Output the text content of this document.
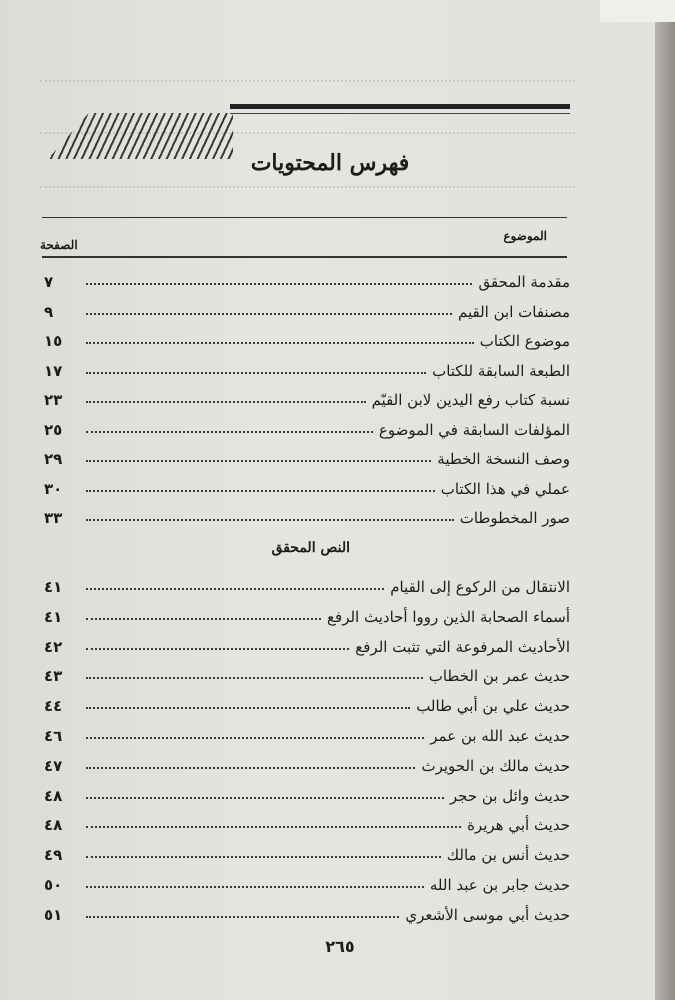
فهرس المحتويات
الموضوع
الصفحة
٧	مقدمة المحقق
٩	مصنفات ابن القيم
١٥	موضوع الكتاب
١٧	الطبعة السابقة للكتاب
٢٣	نسبة كتاب رفع اليدين لابن القيّم
٢٥	المؤلفات السابقة في الموضوع
٢٩	وصف النسخة الخطية
٣٠	عملي في هذا الكتاب
٣٣	صور المخطوطات
النص المحقق
٤١	الانتقال من الركوع إلى القيام
٤١	أسماء الصحابة الذين رووا أحاديث الرفع
٤٢	الأحاديث المرفوعة التي تثبت الرفع
٤٣	حديث عمر بن الخطاب
٤٤	حديث علي بن أبي طالب
٤٦	حديث عبد الله بن عمر
٤٧	حديث مالك بن الحويرث
٤٨	حديث وائل بن حجر
٤٨	حديث أبي هريرة
٤٩	حديث أنس بن مالك
٥٠	حديث جابر بن عبد الله
٥١	حديث أبي موسى الأشعري
٢٦٥
